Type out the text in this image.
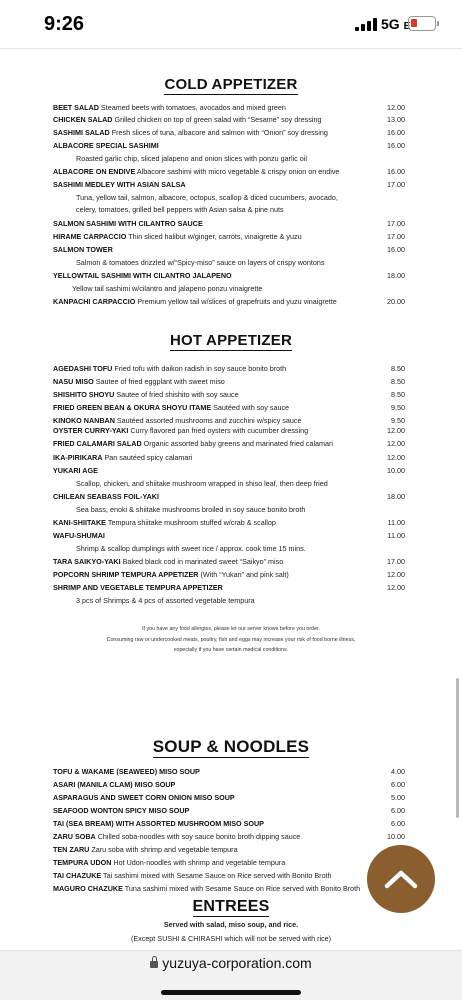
9:26	5G E
COLD APPETIZER
BEET SALAD Steamed beets with tomatoes, avocados and mixed green	12.00
CHICKEN SALAD Grilled chicken on top of green salad with “Sesame” soy dressing	13.00
SASHIMI SALAD Fresh slices of tuna, albacore and salmon with “Onion” soy dressing	16.00
ALBACORE SPECIAL SASHIMI	16.00
Roasted garlic chip, sliced jalapeno and onion slices with ponzu garlic oil
ALBACORE ON ENDIVE Albacore sashimi with micro vegetable & crispy onion on endive	16.00
SASHIMI MEDLEY WITH ASIAN SALSA	17.00
Tuna, yellow tail, salmon, albacore, octopus, scallop & diced cucumbers, avocado,
celery, tomatoes, grilled bell peppers with Asian salsa & pine nuts
SALMON SASHIMI WITH CILANTRO SAUCE	17.00
HIRAME CARPACCIO Thin sliced halibut w/ginger, carrots, vinaigrette & yuzu	17.00
SALMON TOWER	16.00
Salmon & tomatoes drizzled w/“Spicy-miso” sauce on layers of crispy wontons
YELLOWTAIL SASHIMI WITH CILANTRO JALAPENO	18.00
Yellow tail sashimi w/cilantro and jalapeno ponzu vinaigrette
KANPACHI CARPACCIO Premium yellow tail w/slices of grapefruits and yuzu vinaigrette	20.00
HOT APPETIZER
AGEDASHI TOFU Fried tofu with daikon radish in soy sauce bonito broth	8.50
NASU MISO Sautee of fried eggplant with sweet miso	8.50
SHISHITO SHOYU Sautee of fried shishito with soy sauce	8.50
FRIED GREEN BEAN & OKURA SHOYU ITAME Sautéed with soy sauce	9.50
KINOKO NANBAN Sautéed assorted mushrooms and zucchini w/spicy sauce	9.50
OYSTER CURRY-YAKI Curry flavored pan fried oysters with cucumber dressing	12.00
FRIED CALAMARI SALAD Organic assorted baby greens and marinated fried calamari	12.00
IKA-PIRIKARA Pan sautéed spicy calamari	12.00
YUKARI AGE	10.00
Scallop, chicken, and shiitake mushroom wrapped in shiso leaf, then deep fried
CHILEAN SEABASS FOIL-YAKI	18.00
Sea bass, enoki & shiitake mushrooms broiled in soy sauce bonito broth
KANI-SHIITAKE Tempura shiitake mushroom stuffed w/crab & scallop	11.00
WAFU-SHUMAI	11.00
Shrimp & scallop dumplings with sweet rice / approx. cook time 15 mins.
TARA SAIKYO-YAKI Baked black cod in marinated sweet “Saikyo” miso	17.00
POPCORN SHRIMP TEMPURA APPETIZER (With “Yukari” and pink salt)	12.00
SHRIMP AND VEGETABLE TEMPURA APPETIZER	12.00
3 pcs of Shrimps & 4 pcs of assorted vegetable tempura
If you have any food allergies, please let our server knows before you order.
Consuming raw or undercooked meats, poultry, fish and eggs may increase your risk of food borne illness,
especially if you have certain medical conditions.
SOUP & NOODLES
TOFU & WAKAME (SEAWEED) MISO SOUP	4.00
ASARI (MANILA CLAM) MISO SOUP	6.00
ASPARAGUS AND SWEET CORN ONION MISO SOUP	5.00
SEAFOOD WONTON SPICY MISO SOUP	6.00
TAI (SEA BREAM) WITH ASSORTED MUSHROOM MISO SOUP	6.00
ZARU SOBA Chilled soba-noodles with soy sauce bonito broth dipping sauce	10.00
TEN ZARU Zaru soba with shrimp and vegetable tempura
TEMPURA UDON Hot Udon-noodles with shrimp and vegetable tempura
TAI CHAZUKE Tai sashimi mixed with Sesame Sauce on Rice served with Bonito Broth
MAGURO CHAZUKE Tuna sashimi mixed with Sesame Sauce on Rice served with Bonito Broth
ENTREES
Served with salad, miso soup, and rice.
(Except SUSHI & CHIRASHI which will not be served with rice)
yuzuya-corporation.com
